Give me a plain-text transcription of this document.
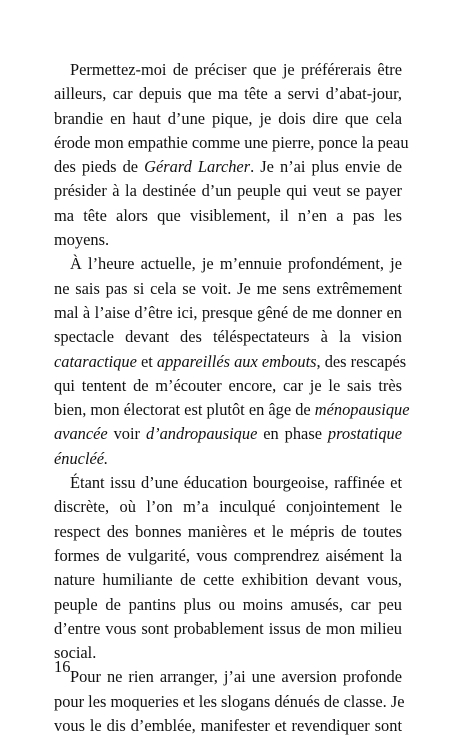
Permettez-moi de préciser que je préférerais être
ailleurs, car depuis que ma tête a servi d’abat-jour,
brandie en haut d’une pique, je dois dire que cela
érode mon empathie comme une pierre, ponce la peau
des pieds de Gérard Larcher. Je n’ai plus envie de
présider à la destinée d’un peuple qui veut se payer
ma tête alors que visiblement, il n’en a pas les
moyens.
À l’heure actuelle, je m’ennuie profondément, je
ne sais pas si cela se voit. Je me sens extrêmement
mal à l’aise d’être ici, presque gêné de me donner en
spectacle devant des téléspectateurs à la vision
cataractique et appareillés aux embouts, des rescapés
qui tentent de m’écouter encore, car je le sais très
bien, mon électorat est plutôt en âge de ménopausique
avancée voir d’andropausique en phase prostatique
énucléé.
Étant issu d’une éducation bourgeoise, raffinée et
discrète, où l’on m’a inculqué conjointement le
respect des bonnes manières et le mépris de toutes
formes de vulgarité, vous comprendrez aisément la
nature humiliante de cette exhibition devant vous,
peuple de pantins plus ou moins amusés, car peu
d’entre vous sont probablement issus de mon milieu
social.
Pour ne rien arranger, j’ai une aversion profonde
pour les moqueries et les slogans dénués de classe. Je
vous le dis d’emblée, manifester et revendiquer sont
16
